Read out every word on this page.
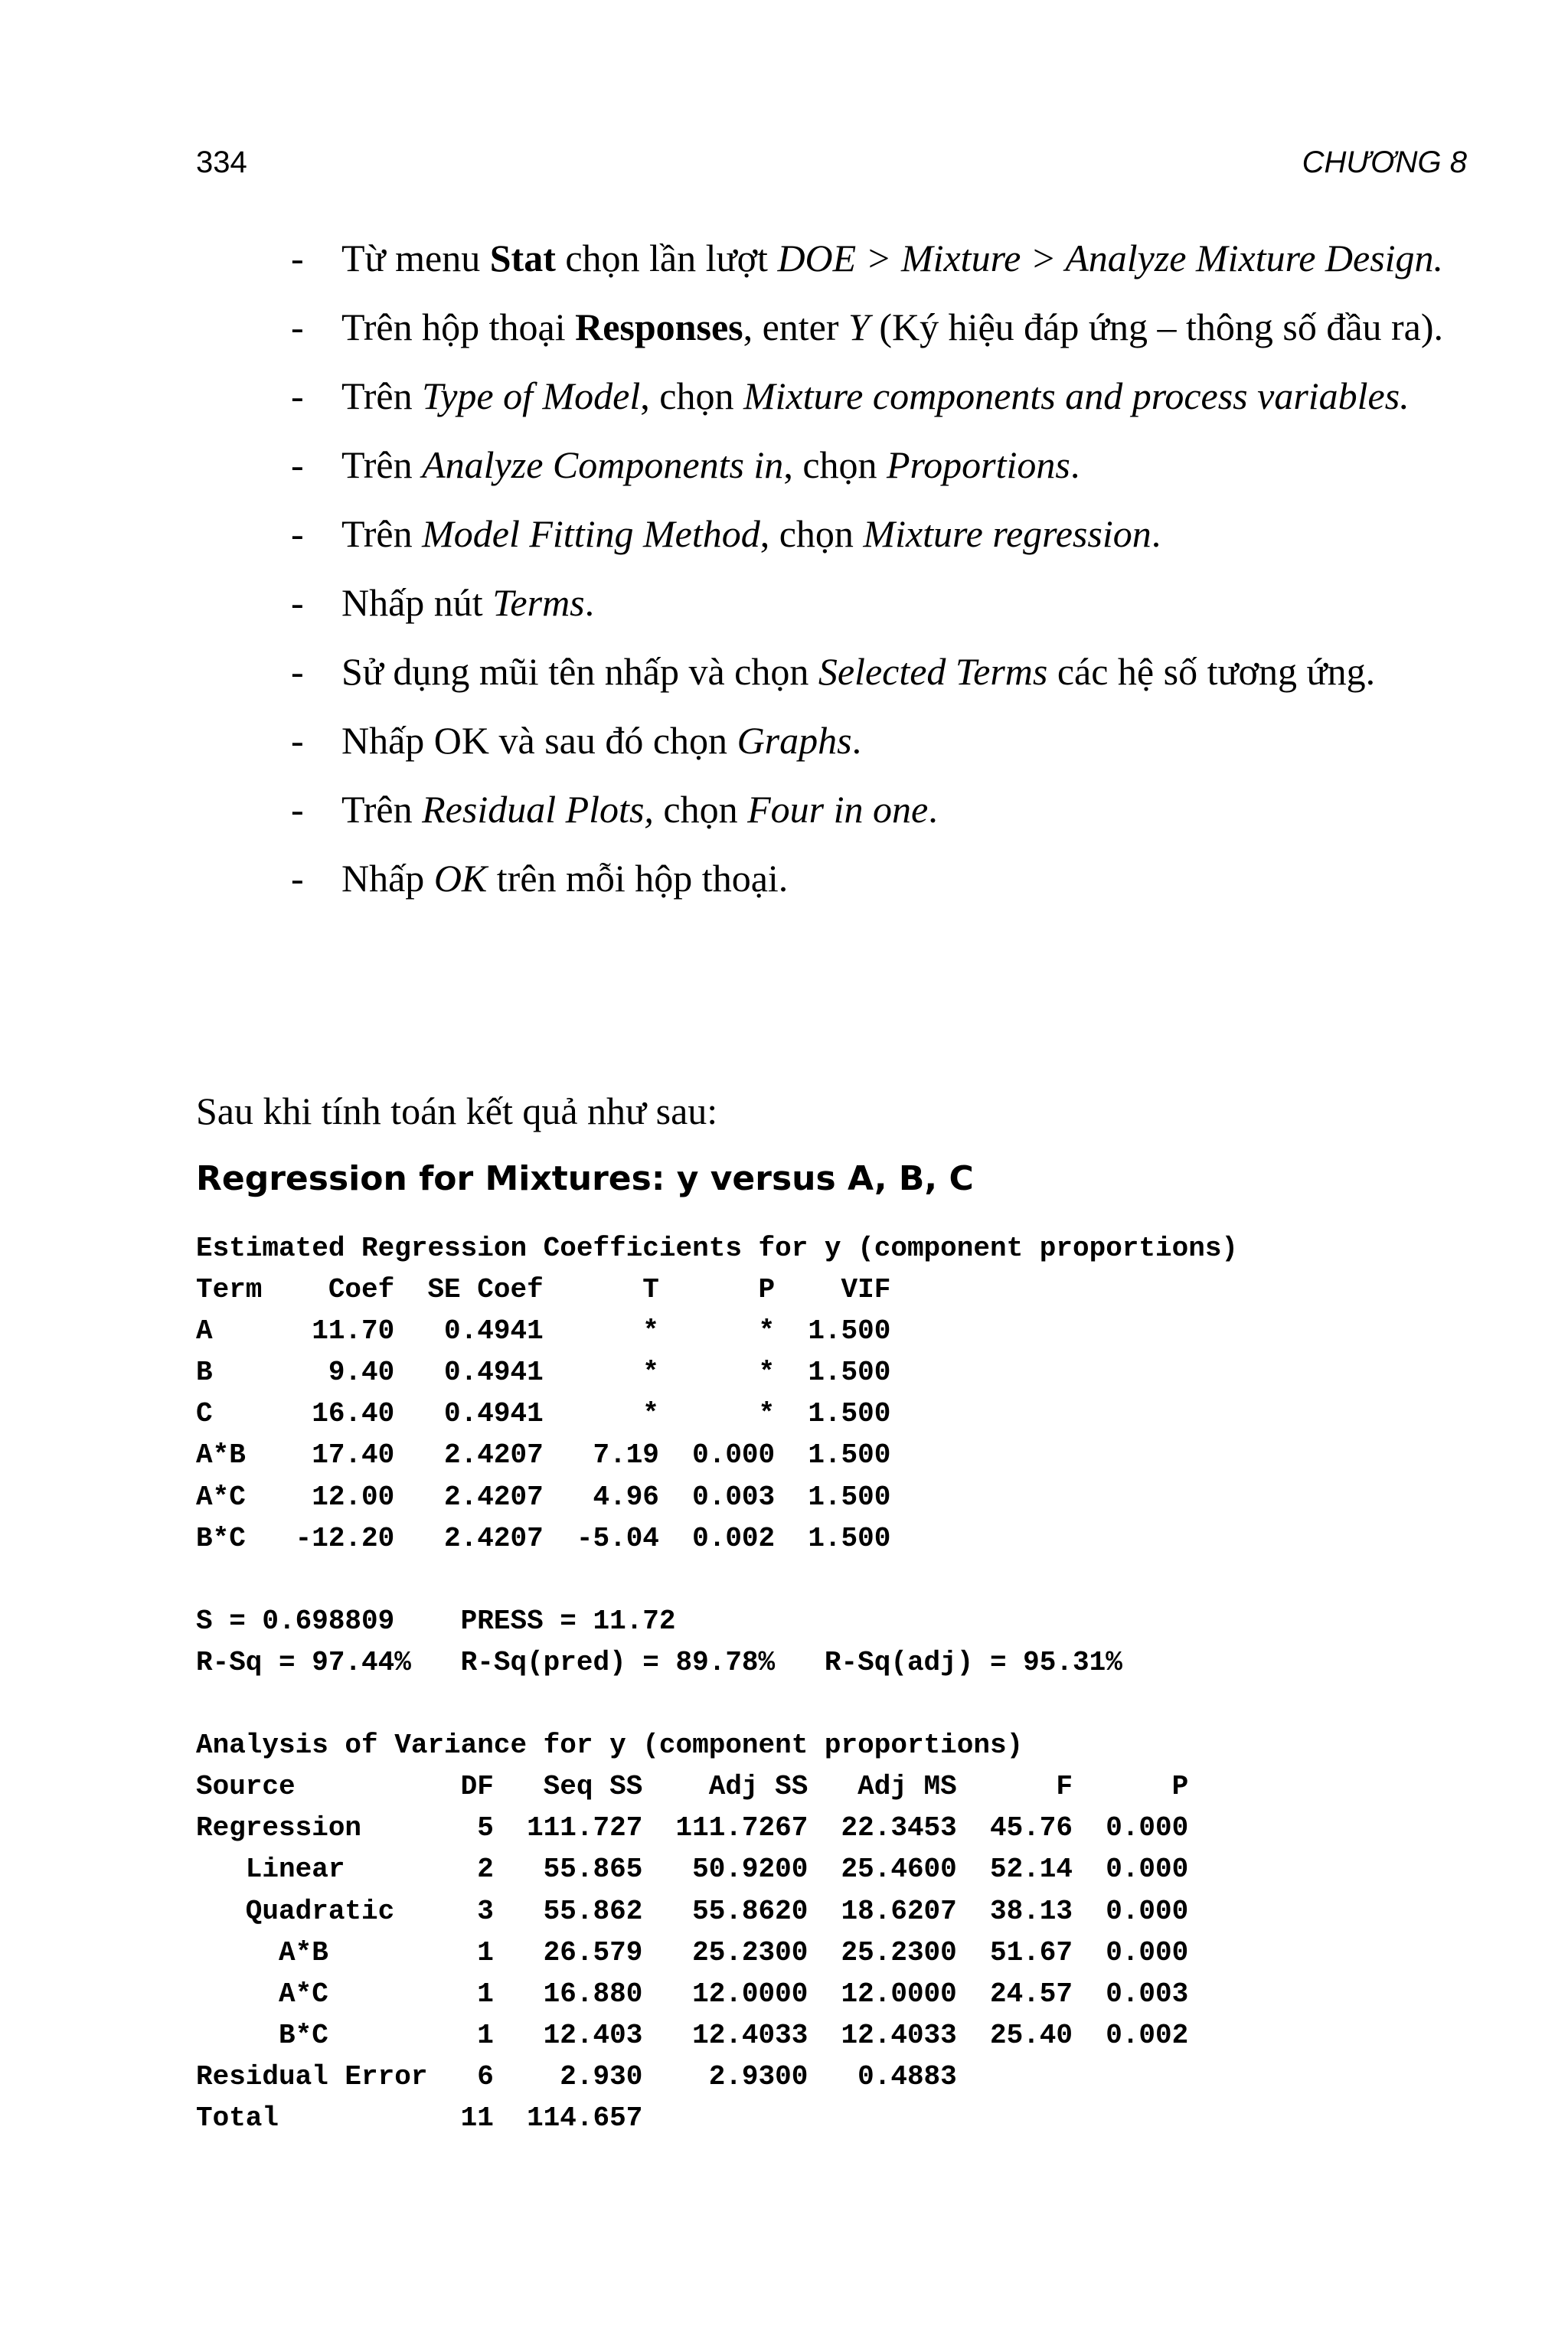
334	CHƯƠNG 8
- Từ menu Stat chọn lần lượt DOE > Mixture > Analyze Mixture Design.
- Trên hộp thoại Responses, enter Y (Ký hiệu đáp ứng – thông số đầu ra).
- Trên Type of Model, chọn Mixture components and process variables.
- Trên Analyze Components in, chọn Proportions.
- Trên Model Fitting Method, chọn Mixture regression.
- Nhấp nút Terms.
- Sử dụng mũi tên nhấp và chọn Selected Terms các hệ số tương ứng.
- Nhấp OK và sau đó chọn Graphs.
- Trên Residual Plots, chọn Four in one.
- Nhấp OK trên mỗi hộp thoại.
Sau khi tính toán kết quả như sau:
Regression for Mixtures: y versus A, B, C
Estimated Regression Coefficients for y (component proportions)
Term    Coef  SE Coef      T      P    VIF
A      11.70   0.4941      *      *  1.500
B       9.40   0.4941      *      *  1.500
C      16.40   0.4941      *      *  1.500
A*B    17.40   2.4207   7.19  0.000  1.500
A*C    12.00   2.4207   4.96  0.003  1.500
B*C   -12.20   2.4207  -5.04  0.002  1.500
S = 0.698809    PRESS = 11.72
R-Sq = 97.44%   R-Sq(pred) = 89.78%   R-Sq(adj) = 95.31%
Analysis of Variance for y (component proportions)
Source          DF   Seq SS    Adj SS   Adj MS      F      P
Regression       5  111.727  111.7267  22.3453  45.76  0.000
Linear        2   55.865   50.9200  25.4600  52.14  0.000
Quadratic     3   55.862   55.8620  18.6207  38.13  0.000
A*B         1   26.579   25.2300  25.2300  51.67  0.000
A*C         1   16.880   12.0000  12.0000  24.57  0.003
B*C         1   12.403   12.4033  12.4033  25.40  0.002
Residual Error   6    2.930    2.9300   0.4883
Total           11  114.657
